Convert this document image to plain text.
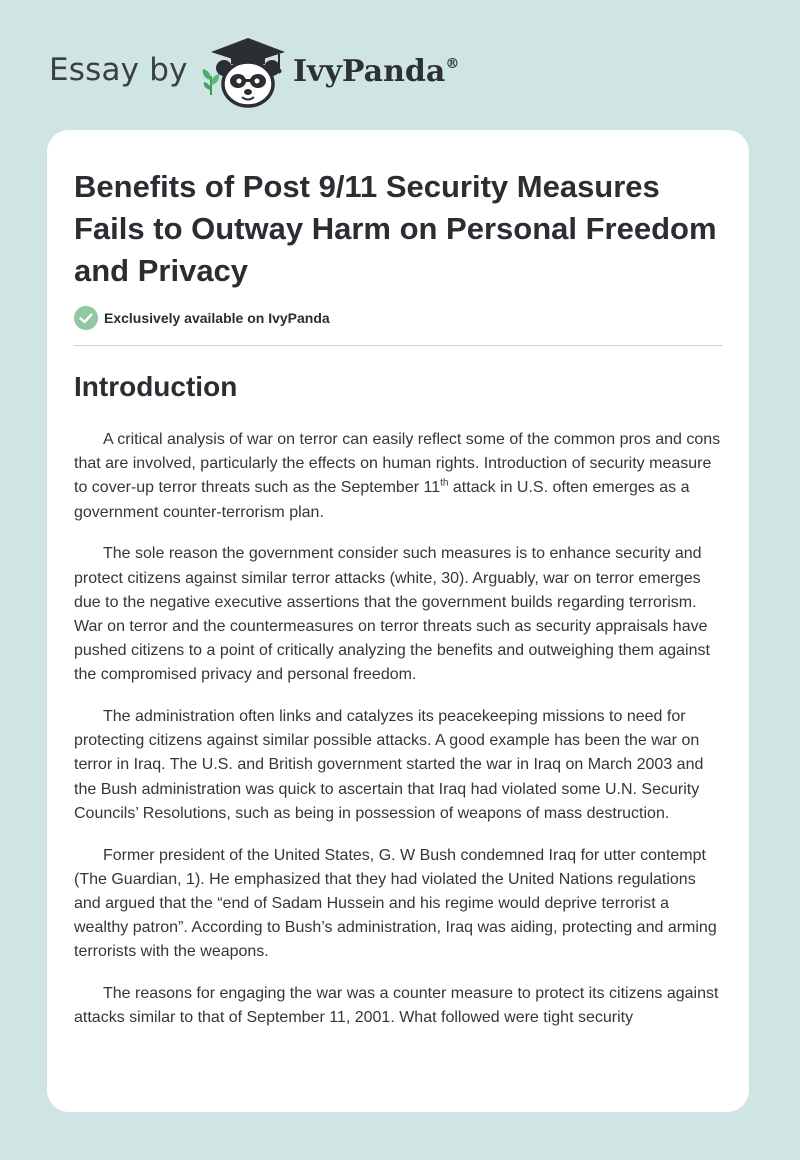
Essay by	IvyPanda®
Benefits of Post 9/11 Security Measures Fails to Outway Harm on Personal Freedom and Privacy
Exclusively available on IvyPanda
Introduction

A critical analysis of war on terror can easily reflect some of the common pros and cons that are involved, particularly the effects on human rights. Introduction of security measure to cover-up terror threats such as the September 11th attack in U.S. often emerges as a government counter-terrorism plan.

The sole reason the government consider such measures is to enhance security and protect citizens against similar terror attacks (white, 30). Arguably, war on terror emerges due to the negative executive assertions that the government builds regarding terrorism. War on terror and the countermeasures on terror threats such as security appraisals have pushed citizens to a point of critically analyzing the benefits and outweighing them against the compromised privacy and personal freedom.

The administration often links and catalyzes its peacekeeping missions to need for protecting citizens against similar possible attacks. A good example has been the war on terror in Iraq. The U.S. and British government started the war in Iraq on March 2003 and the Bush administration was quick to ascertain that Iraq had violated some U.N. Security Councils’ Resolutions, such as being in possession of weapons of mass destruction.

Former president of the United States, G. W Bush condemned Iraq for utter contempt (The Guardian, 1). He emphasized that they had violated the United Nations regulations and argued that the “end of Sadam Hussein and his regime would deprive terrorist a wealthy patron”. According to Bush’s administration, Iraq was aiding, protecting and arming terrorists with the weapons.

The reasons for engaging the war was a counter measure to protect its citizens against attacks similar to that of September 11, 2001. What followed were tight security
